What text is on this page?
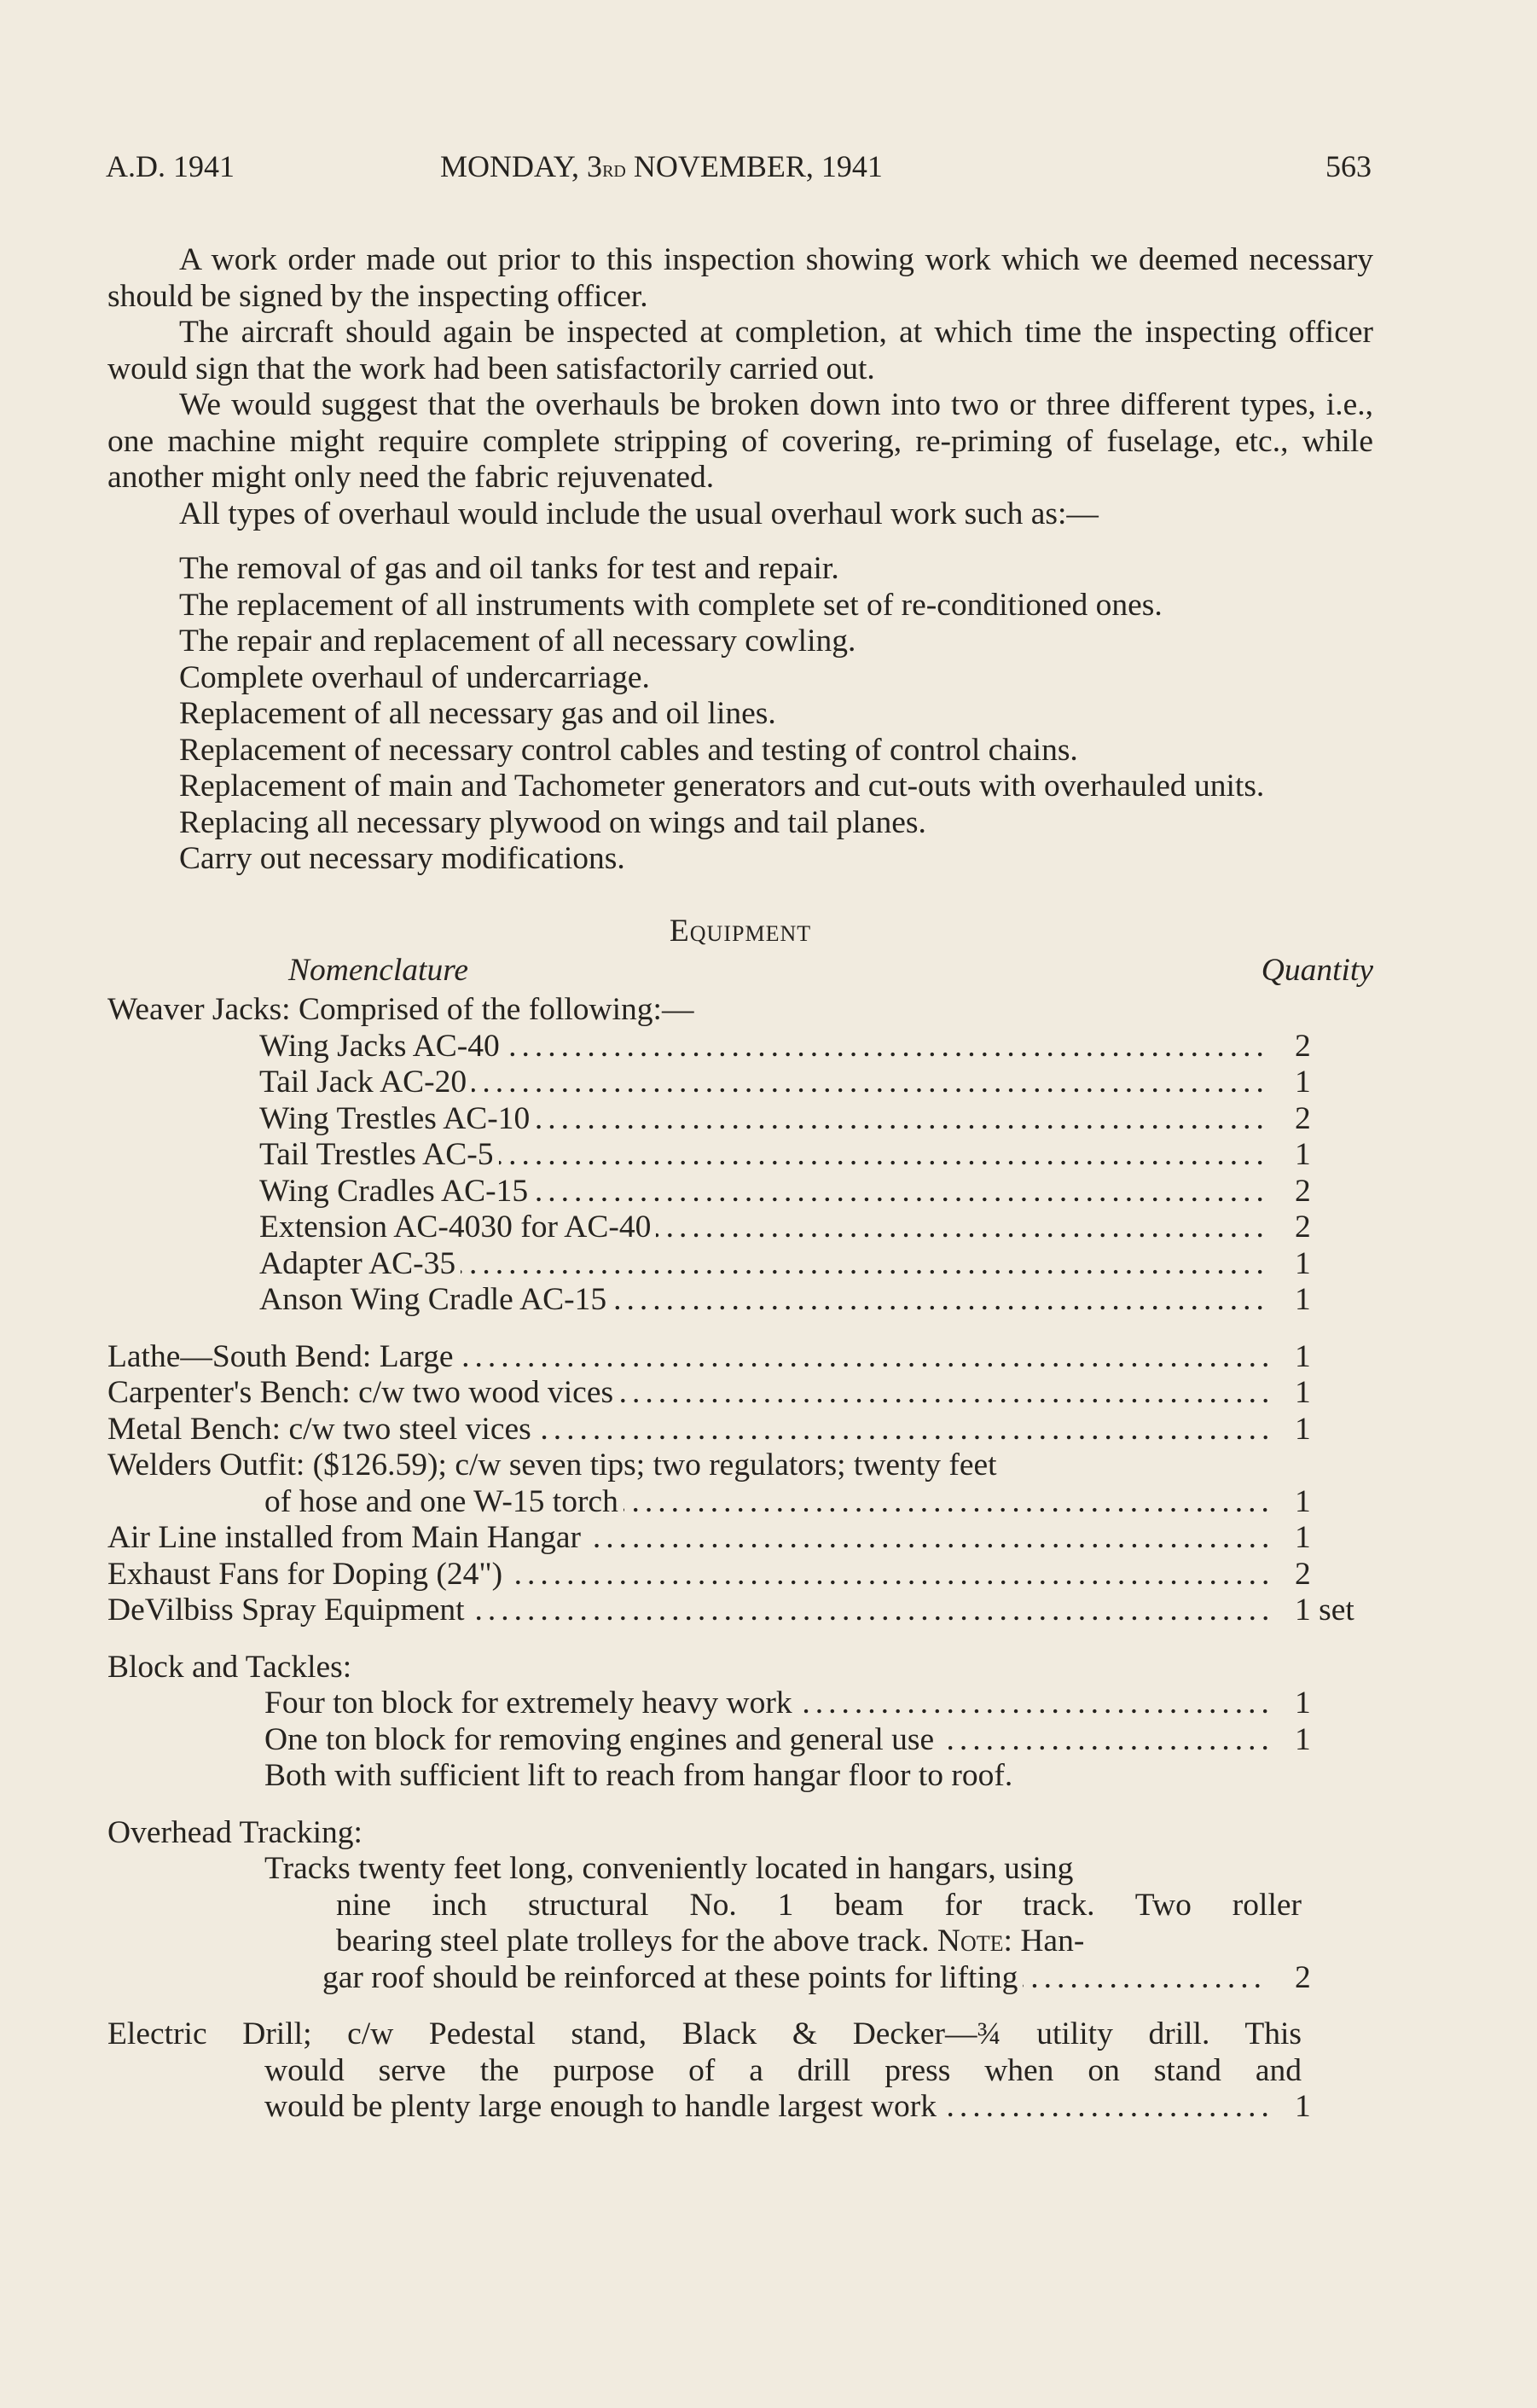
A.D. 1941	MONDAY, 3rd NOVEMBER, 1941	563

A work order made out prior to this inspection showing work which we deemed necessary should be signed by the inspecting officer.

The aircraft should again be inspected at completion, at which time the inspecting officer would sign that the work had been satisfactorily carried out.

We would suggest that the overhauls be broken down into two or three different types, i.e., one machine might require complete stripping of covering, re-priming of fuselage, etc., while another might only need the fabric rejuvenated.

All types of overhaul would include the usual overhaul work such as:—

The removal of gas and oil tanks for test and repair.
The replacement of all instruments with complete set of re-conditioned ones.
The repair and replacement of all necessary cowling.
Complete overhaul of undercarriage.
Replacement of all necessary gas and oil lines.
Replacement of necessary control cables and testing of control chains.
Replacement of main and Tachometer generators and cut-outs with overhauled units.
Replacing all necessary plywood on wings and tail planes.
Carry out necessary modifications.
Equipment
Nomenclature	Quantity
Weaver Jacks: Comprised of the following:—
.....
Wing Jacks AC-40	2
.....
Tail Jack AC-20	1
.....
Wing Trestles AC-10	2
.....
Tail Trestles AC-5	1
.....
Wing Cradles AC-15	2
.....
Extension AC-4030 for AC-40	2
.....
Adapter AC-35	1
.....
Anson Wing Cradle AC-15	1
.....
Lathe—South Bend: Large	1
.....
Carpenter's Bench: c/w two wood vices	1
.....
Metal Bench: c/w two steel vices	1
Welders Outfit: ($126.59); c/w seven tips; two regulators; twenty feet
.....
of hose and one W-15 torch	1
.....
Air Line installed from Main Hangar	1
.....
Exhaust Fans for Doping (24")	2
.....
DeVilbiss Spray Equipment	1 set
Block and Tackles:
.....
Four ton block for extremely heavy work	1
.....
One ton block for removing engines and general use	1
Both with sufficient lift to reach from hangar floor to roof.
Overhead Tracking:
Tracks twenty feet long, conveniently located in hangars, using
nine inch structural No. 1 beam for track. Two roller
bearing steel plate trolleys for the above track. Note: Han-
.....
gar roof should be reinforced at these points for lifting	2
Electric Drill; c/w Pedestal stand, Black & Decker—¾ utility drill. This
would serve the purpose of a drill press when on stand and
.....
would be plenty large enough to handle largest work	1
